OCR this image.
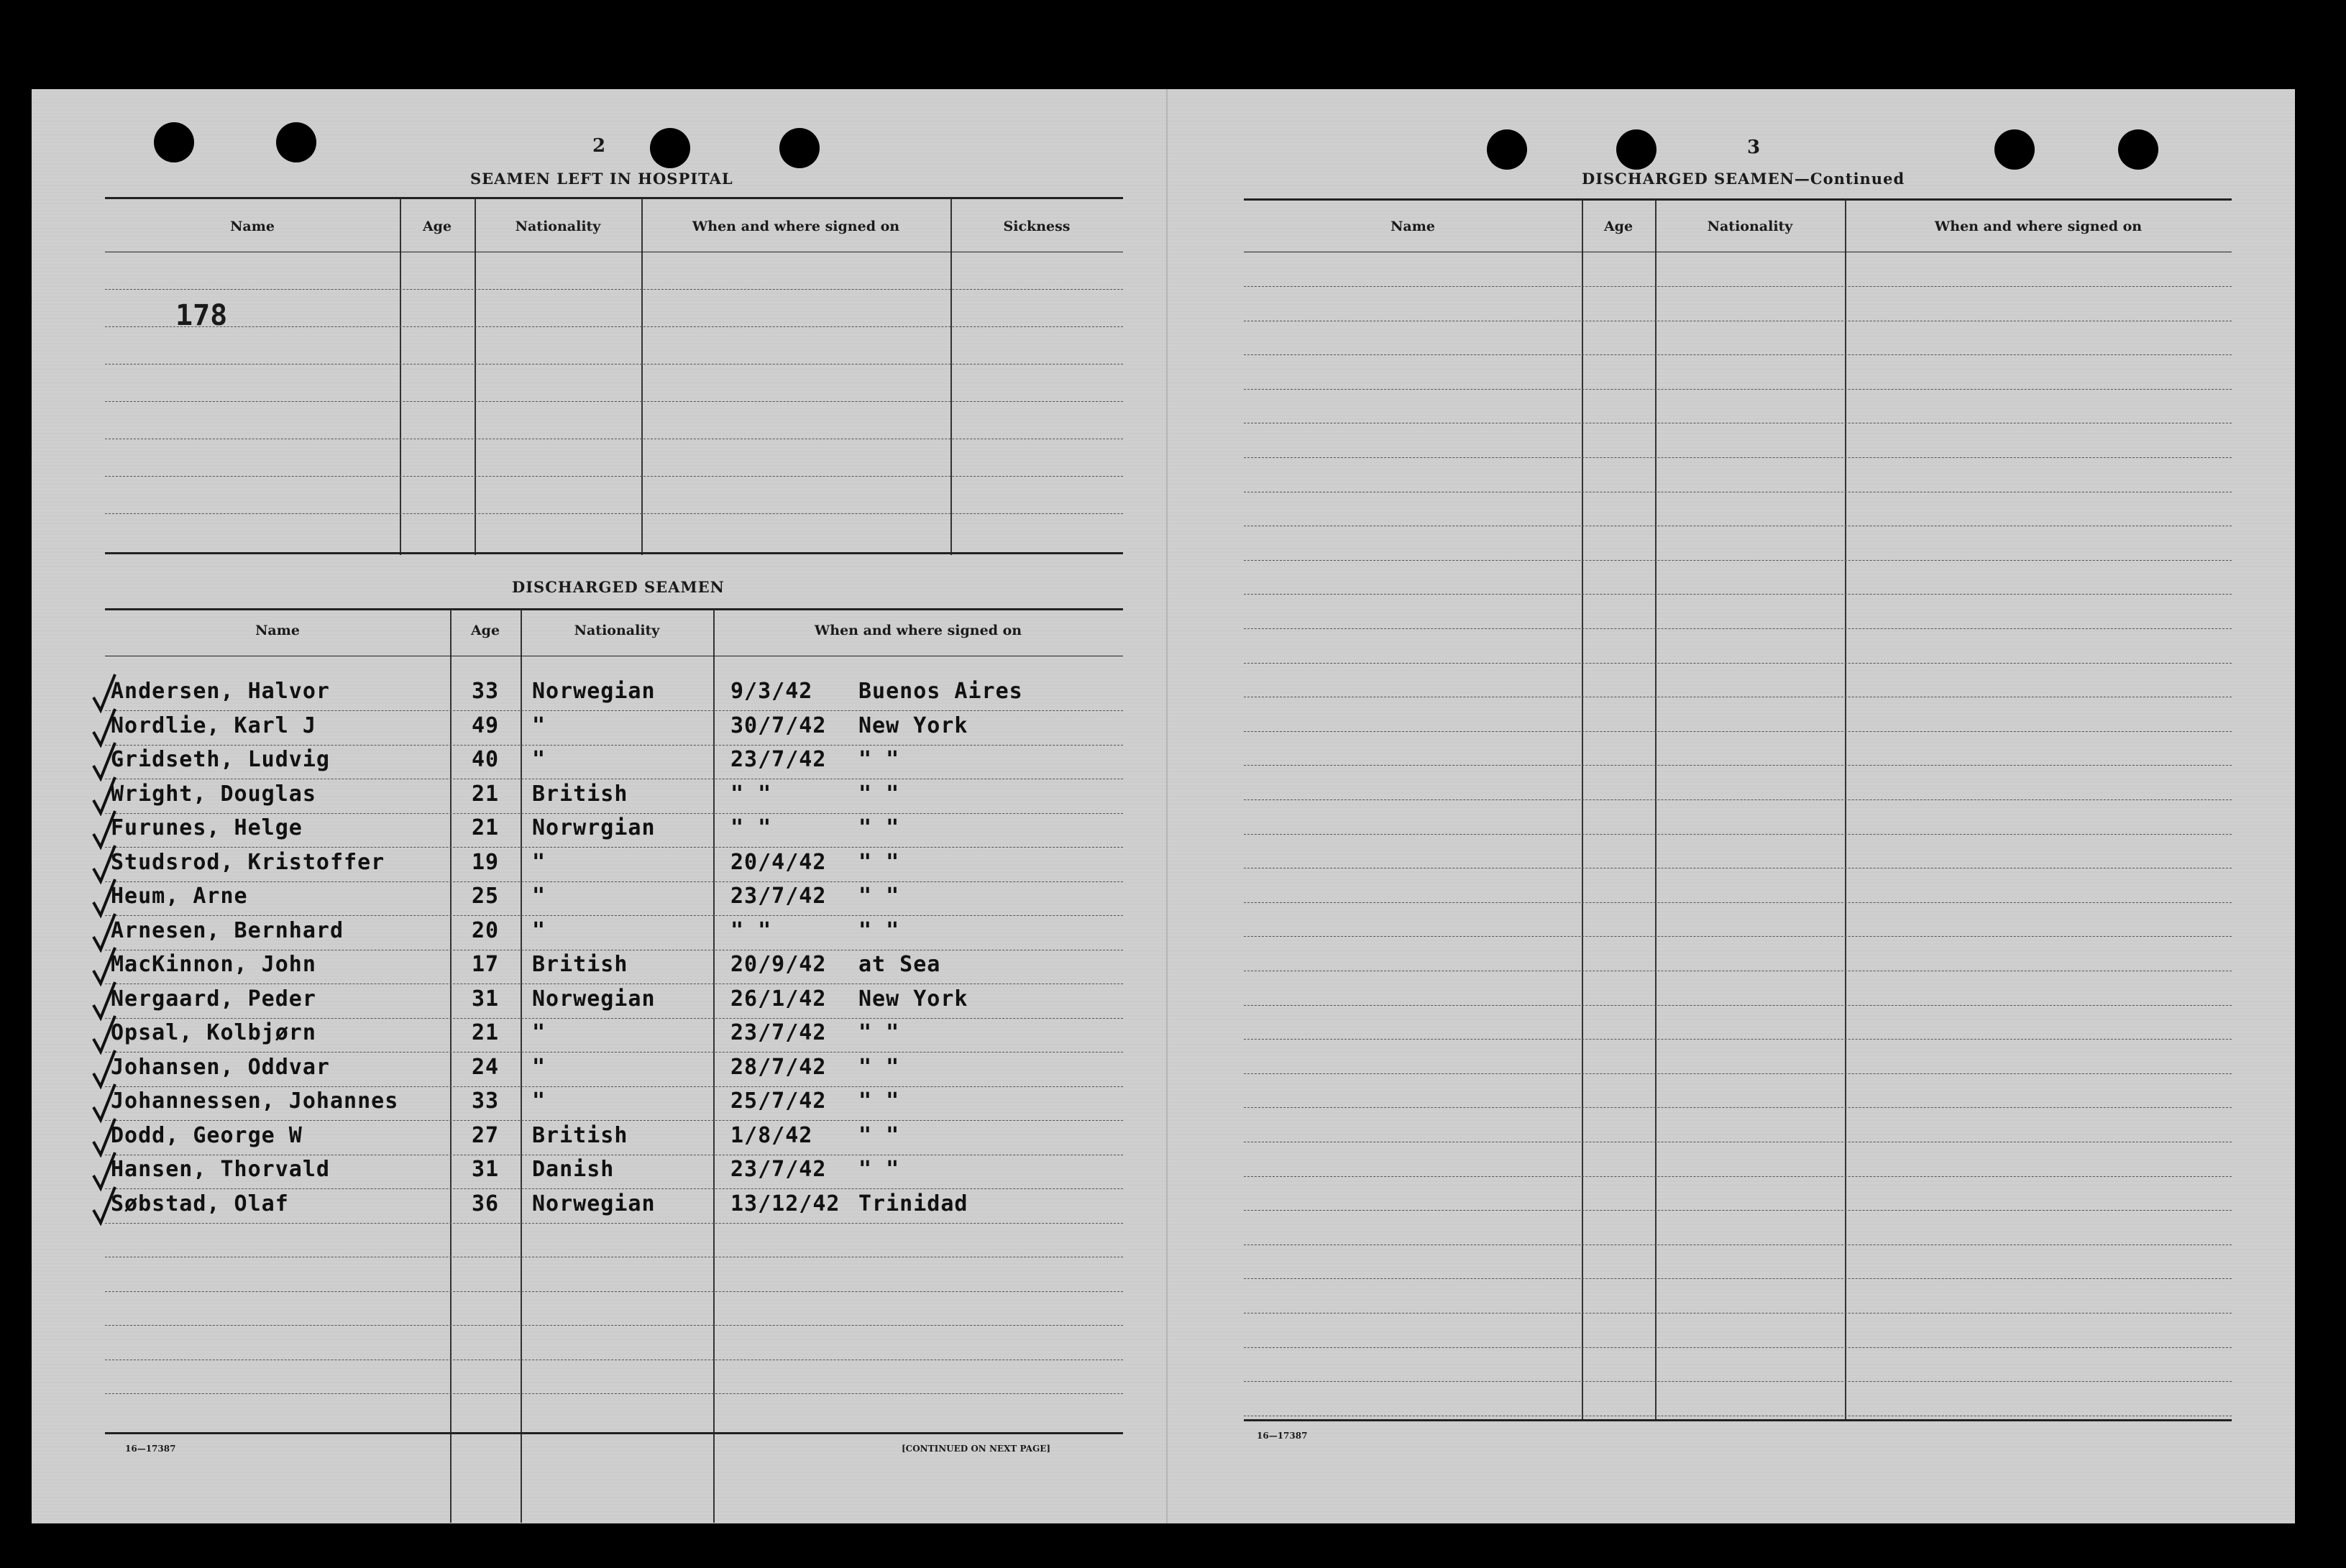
2
SEAMEN LEFT IN HOSPITAL
Name	Age	Nationality	When and where signed on	Sickness
178
DISCHARGED SEAMEN
Name	Age	Nationality	When and where signed on
Andersen, Halvor	33	Norwegian	9/3/42 Buenos Aires
Nordlie, Karl J	49	"	30/7/42 New York
Gridseth, Ludvig	40	"	23/7/42 " "
Wright, Douglas	21	British	" "	" "
Furunes, Helge	21	Norwrgian	" "	" "
Studsrod, Kristoffer	19	"	20/4/42 " "
Heum, Arne	25	"	23/7/42 " "
Arnesen, Bernhard	20	"	" "	" "
MacKinnon, John	17	British	20/9/42 at Sea
Nergaard, Peder	31	Norwegian	26/1/42 New York
Opsal, Kolbjørn	21	"	23/7/42 " "
Johansen, Oddvar	24	"	28/7/42 " "
Johannessen, Johannes	33	"	25/7/42 " "
Dodd, George W	27	British	1/8/42 " "
Hansen, Thorvald	31	Danish	23/7/42 " "
Søbstad, Olaf	36	Norwegian	13/12/42 Trinidad
16—17387	[CONTINUED ON NEXT PAGE]
3
DISCHARGED SEAMEN—Continued
Name	Age	Nationality	When and where signed on
16—17387
